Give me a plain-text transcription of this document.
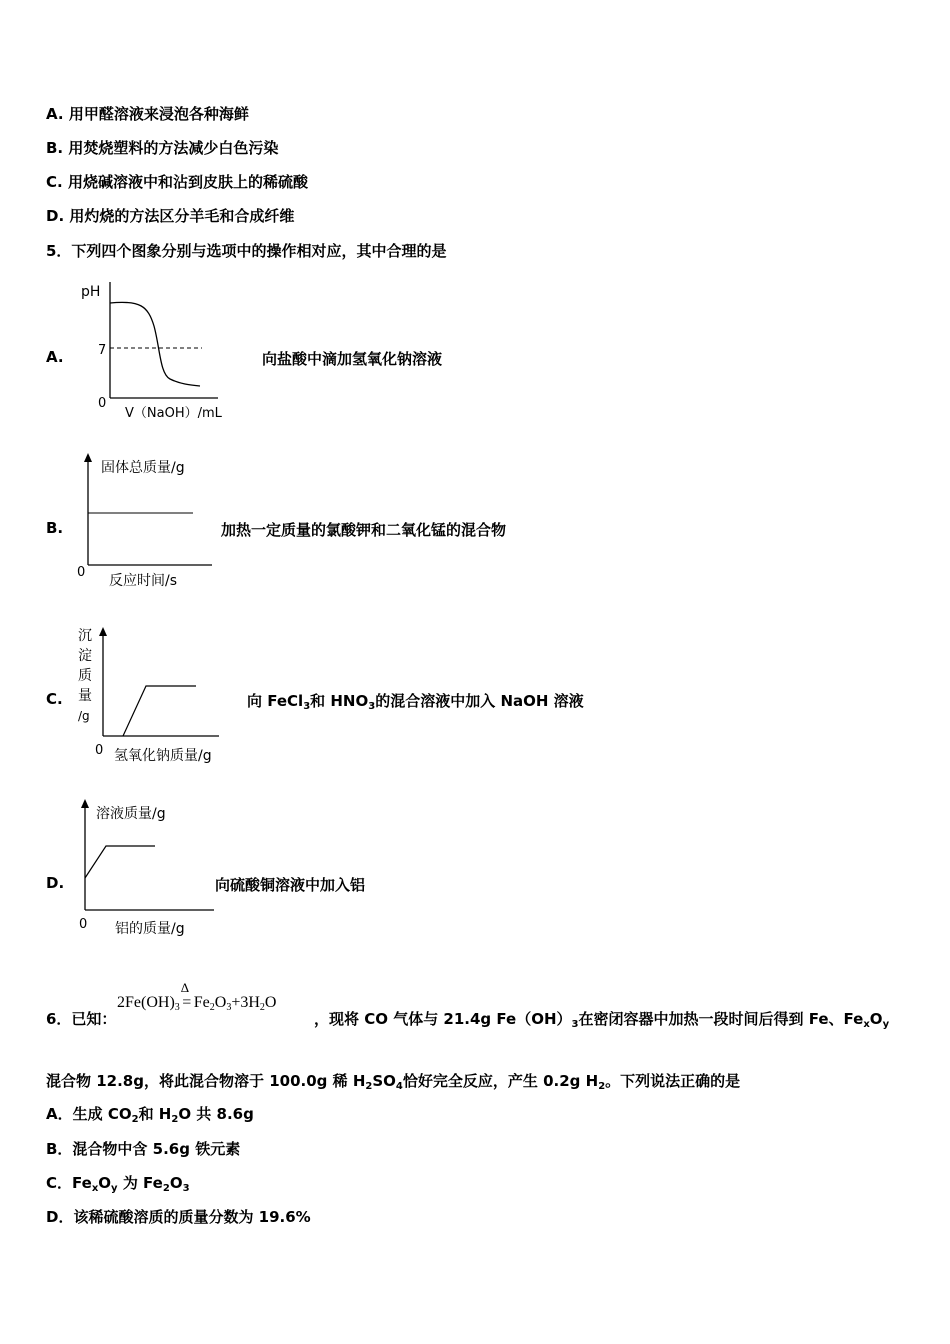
A. 用甲醛溶液来浸泡各种海鲜
B. 用焚烧塑料的方法减少白色污染
C. 用烧碱溶液中和沾到皮肤上的稀硫酸
D. 用灼烧的方法区分羊毛和合成纤维
5．下列四个图象分别与选项中的操作相对应，其中合理的是
A.
pH
7
0
V（NaOH）/mL
向盐酸中滴加氢氧化钠溶液
B.
固体总质量/g
0
反应时间/s
加热一定质量的氯酸钾和二氧化锰的混合物
C.
沉
淀
质
量
/g
0 氢氧化钠质量/g
向 FeCl$_3$和 $HNO_3$的混合溶液中加入 NaOH 溶液
D.
溶液质量/g
0 铝的质量/g
向硫酸铜溶液中加入铝
6．已知：
$2Fe(OH)_3$
Δ
= $Fe_2O_3+3H_2O$
，现将 CO 气体与 21.4g $Fe(OH)_3$在密闭容器中加热一段时间后得到 Fe、$Fe_xO_y$
混合物 12.8g，将此混合物溶于 100.0g 稀 $H_2SO_4$恰好完全反应，产生 0.2g $H_2$。下列说法正确的是
A．生成 $CO_2$和 $H_2O$ 共 8.6g
B．混合物中含 5.6g 铁元素
C．$Fe_xO_y$ 为 $Fe_2O_3$
D．该稀硫酸溶质的质量分数为 19.6%
